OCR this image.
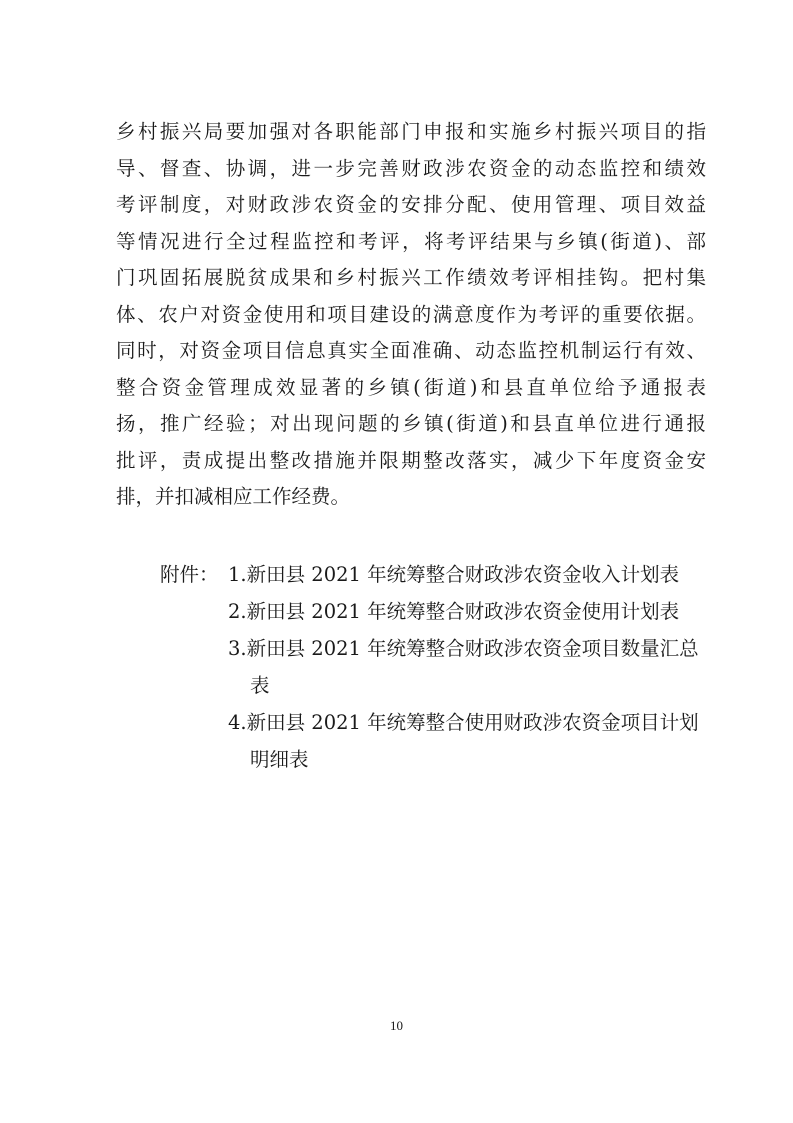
乡村振兴局要加强对各职能部门申报和实施乡村振兴项目的指
导、督查、协调，进一步完善财政涉农资金的动态监控和绩效
考评制度，对财政涉农资金的安排分配、使用管理、项目效益
等情况进行全过程监控和考评，将考评结果与乡镇(街道)、部
门巩固拓展脱贫成果和乡村振兴工作绩效考评相挂钩。把村集
体、农户对资金使用和项目建设的满意度作为考评的重要依据。
同时，对资金项目信息真实全面准确、动态监控机制运行有效、
整合资金管理成效显著的乡镇(街道)和县直单位给予通报表
扬，推广经验；对出现问题的乡镇(街道)和县直单位进行通报
批评，责成提出整改措施并限期整改落实，减少下年度资金安
排，并扣减相应工作经费。
附件： 1.新田县 2021 年统筹整合财政涉农资金收入计划表
2.新田县 2021 年统筹整合财政涉农资金使用计划表
3.新田县 2021 年统筹整合财政涉农资金项目数量汇总
表
4.新田县 2021 年统筹整合使用财政涉农资金项目计划
明细表
10
